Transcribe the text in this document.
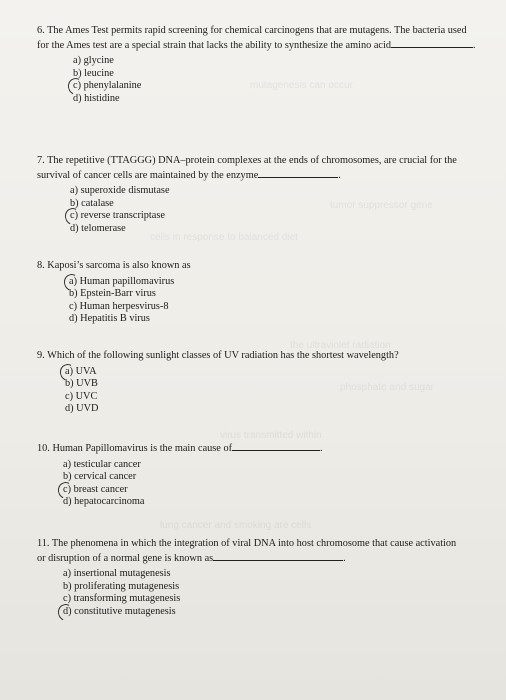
mutagenesis can occur
tumor suppressor gene
cells in response to balanced diet
the ultraviolet radiation
phosphate and sugar
virus transmitted within
lung cancer and smoking are cells

6. The Ames Test permits rapid screening for chemical carcinogens that are mutagens. The bacteria used for the Ames test are a special strain that lacks the ability to synthesize the amino acid	.

a) glycine
b) leucine
c) phenylalanine
d) histidine

7. The repetitive (TTAGGG) DNA–protein complexes at the ends of chromosomes, are crucial for the survival of cancer cells are maintained by the enzyme	.

a) superoxide dismutase
b) catalase
c) reverse transcriptase
d) telomerase

8. Kaposi’s sarcoma is also known as

a) Human papillomavirus
b) Epstein-Barr virus
c) Human herpesvirus-8
d) Hepatitis B virus

9. Which of the following sunlight classes of UV radiation has the shortest wavelength?

a) UVA
b) UVB
c) UVC
d) UVD

10. Human Papillomavirus is the main cause of	.

a) testicular cancer
b) cervical cancer
c) breast cancer
d) hepatocarcinoma

11. The phenomena in which the integration of viral DNA into host chromosome that cause activation or disruption of a normal gene is known as	.

a) insertional mutagenesis
b) proliferating mutagenesis
c) transforming mutagenesis
d) constitutive mutagenesis
